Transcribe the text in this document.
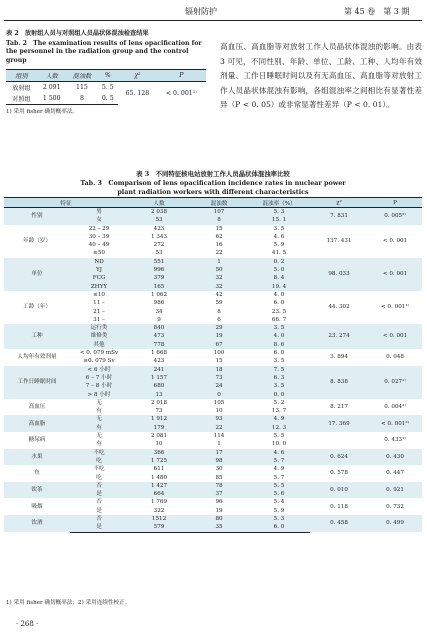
辐射防护	第 45 卷　第 3 期
表 2　放射组人员与对照组人员晶状体混浊检查结果
Tab. 2　The examination results of lens opacification for the personnel in the radiation group and the control group
组别	人数	混浊数	%	χ²	P
放射组	2 091	115	5. 5	65. 128	< 0. 001¹⁾
对照组	1 500	8	0. 5		
1) 采用 fisher 确切概率法。
高血压、高血脂等对放射工作人员晶状体混浊的影响。由表 3 可见，不同性别、年龄、单位、工龄、工种、人均年有效剂量、工作日睡眠时间以及有无高血压、高血脂等对放射工作人员晶状体混浊有影响，各组混浊率之间相比有显著性差异（P < 0. 05）或非常显著性差异（P < 0. 01）。
表 3　不同特征核电站放射工作人员晶状体混浊率比较
Tab. 3　Comparison of lens opacification incidence rates in nuclear power
plant radiation workers with different characteristics
特征		人数	混浊数	混浊率（%）	χ²	P
性别	男	2 038	107	5. 3	7. 831	0. 005²⁾
	女	53	8	15. 1		
年龄（岁）	22 – 29	423	15	3. 5	137. 431	< 0. 001
	30 – 39	1 343	62	4. 6		
	40 – 49	272	16	5. 9		
	≥50	53	22	41. 5		
单位	ND	551	1	0. 2	98. 033	< 0. 001
	YJ	996	50	5. 0		
	FCG	379	32	8. 4		
	ZHYY	165	32	19. 4		
工龄（年）	≤10	1 062	42	4. 0	44. 302	< 0. 001¹⁾
	11 –	986	59	6. 0		
	21 –	34	8	23. 5		
	31 –	9	6	66. 7		
工种	运行类	840	29	3. 5	23. 274	< 0. 001
	维修类	473	19	4. 0		
	其他	778	67	8. 6		
人均年有效剂量	< 0. 079 mSv	1 668	100	6. 0	3. 894	0. 048
	≥0. 079 Sv	423	15	3. 5		
工作日睡眠时间	< 6 小时	241	18	7. 5	8. 838	0. 027¹⁾
	6 – 7 小时	1 157	73	6. 3		
	7 – 8 小时	680	24	3. 5		
	> 8 小时	13	0	0. 0		
高血压	无	2 018	105	5. 2	8. 217	0. 004²⁾
	有	73	10	13. 7		
高血脂	无	1 912	93	4. 9	17. 369	< 0. 001²⁾
	有	179	22	12. 3		
糖尿病	无	2 081	114	5. 5		0. 433¹⁾
	有	10	1	10. 0		
水果	不吃	366	17	4. 6	0. 624	0. 430
	吃	1 725	98	5. 7		
鱼	不吃	611	30	4. 9	0. 578	0. 447
	吃	1 480	85	5. 7		
饮茶	否	1 427	78	5. 5	0. 010	0. 921
	是	664	37	5. 6		
吸烟	否	1 769	96	5. 4	0. 118	0. 732
	是	322	19	5. 9		
饮酒	否	1512	80	5. 3	0. 458	0. 499
	是	579	35	6. 0		
1) 采用 fisher 确切概率法；2) 采用连续性校正。
· 268 ·
